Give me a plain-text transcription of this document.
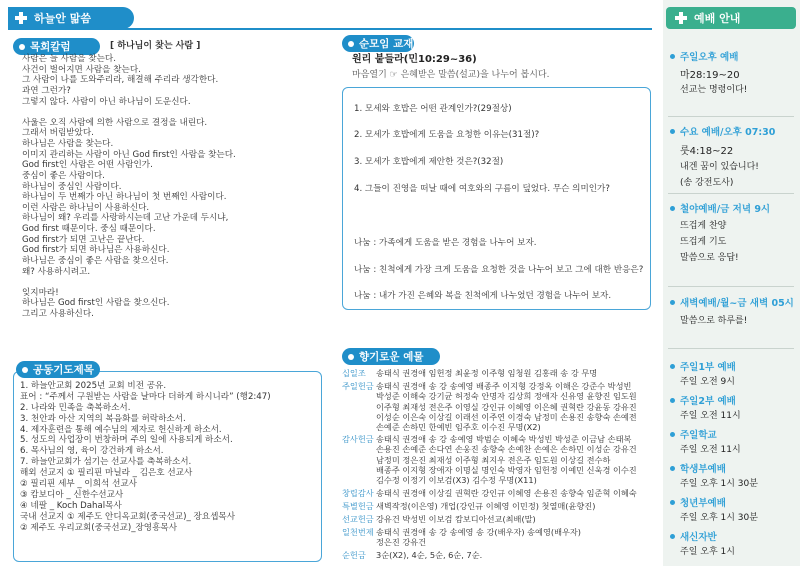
하늘안 맒씀
목회칼럼	[ 하나님이 찾는 사람 ]
사람은 늘 사람을 찾는다.
사건이 벌어지면 사람을 찾는다.
그 사람이 나를 도와주리라, 해결해 주리라 생각한다.
과연 그런가?
그렇지 않다. 사람이 아닌 하나님이 도운신다.
사울은 오직 사람에 의한 사람으로 결정을 내린다.
그래서 버림받았다.
하나님은 사람을 찾는다.
이미지 관리하는 사람이 아닌 God first인 사람을 찾는다.
God first인 사람은 어떤 사람인가.
중심이 좋은 사람이다.
하나님이 중심인 사람이다.
하나님이 두 번째가 아닌 하나님이 첫 번째인 사람이다.
이런 사람은 하나님이 사용하신다.
하나님이 왜? 우리를 사랑하시는데 고난 가운데 두시냐,
God first 때문이다. 중심 때문이다.
God first가 되면 고난은 끝난다.
God first가 되면 하나님은 사용하신다.
하나님은 중심이 좋은 사람을 찾으신다.
왜? 사용하시려고.
잊지마라!
하나님은 God first인 사람을 찾으신다.
그리고 사용하신다.
공동기도제목
1. 하늘안교회 2025년 교회 비전 공유.
표어 : “주께서 구원받는 사람을 날마다 더하게 하시니라” (행2:47)
2. 나라와 민족을 축복하소서.
3. 천안과 아산 지역의 복음화를 허락하소서.
4. 제자훈련을 통해 예수님의 제자로 헌신하게 하소서.
5. 성도의 사업장이 번창하며 주의 일에 사용되게 하소서.
6. 목사님의 영, 육이 강건하게 하소서.
7. 하늘안교회가 섬기는 선교사를 축복하소서.
해외 선교지 ① 필리핀 마닐라 _ 김은호 선교사
② 필리핀 세부 _ 이희석 선교사
③ 캄보디아 _ 신한수선교사
④ 네팔 _ Koch Dahal목사
국내 선교지 ① 제주도 안디옥교회(중국선교)_ 장요셉목사
② 제주도 우리교회(중국선교)_장영흥목사
순모임 교재
원리 붙들라(민10:29~36)
마음열기 ☞ 은혜받은 말씀(설교)을 나누어 봅시다.
1. 모세와 호밥은 어떤 관계인가?(29절상)
2. 모세가 호밥에게 도움을 요청한 이유는(31절)?
3. 모세가 호밥에게 제안한 것은?(32절)
4. 그들이 진영을 떠날 때에 여호와의 구름이 덮었다. 무슨 의미인가?
나눔 : 가족에게 도움을 받은 경험을 나누어 보자.
나눔 : 친척에게 가장 크게 도움을 요청한 것을 나누어 보고 그에 대한 반응은?
나눔 : 내가 가진 은혜와 복을 친척에게 나누었던 경험을 나누어 보자.
향기로운 예물
십일조	송태식 권경애 임헌정 최윤정 이주형 임청원 김홍래 송 강 무명
주일헌금 송태식 권경애 송 강 송예영 배종주 이지형 강정옥 이해은 강준수 박성빈
박성준 이해숙 강기균 허정숙 안명자 김상희 정애자 신유영 윤향진 임도원
이주형 최재성 전은주 이영실 강인규 이혜영 이은혜 권혁란 강윤동 강유진
이성순 이은숙 이상길 이래선 이주연 이경숙 남정미 손용진 송향숙 손예전
손예준 손하민 한예빈 임주호 이수진 무명(X2)
감사헌금 송태식 권경애 송 강 송예영 박범순 이혜숙 박성빈 박성준 이금남 손태복
손용진 손예준 손다연 손웅진 송향숙 손예찬 손예은 손하민 이성순 강유건
남정미 정은진 최재성 이주형 최지우 전은주 임도원 이상길 전수하
배종주 이지형 장애자 이명실 명인숙 박영자 임헌정 이예민 신욱경 이수진
김수정 이정기 이보검(X3) 김수정 무명(X11)
창립감사 송태식 권경애 이상길 권혁란 강인규 이혜영 손용진 송향숙 임준혁 이혜숙
특별헌금 새벽작정(이은영) 개업(강인규 이혜영 이민정) 첫열매(윤향진)
선교헌금 강유건 박성빈 이보검 캄보디아선교(최배(말)
일천번제 송태식 권경애 송 강 송예영 송 강(배우자) 송예영(배우자)
정은진 강유건
순헌금	3순(X2), 4순, 5순, 6순, 7순.
예배 안내
주일오후 예배
마28:19~20
선교는 명령이다!
수요 예배/오후 07:30
룻4:18~22
내겐 꿈이 있습니다!
(송 강전도사)
철야예배/금 저녁 9시
뜨겁게 찬양
뜨겁게 기도
말씀으로 응답!
새벽예배/월~금 새벽 05시
말씀으로 하루를!
주일1부 예배
주일 오전 9시
주일2부 예배
주일 오전 11시
주일학교
주일 오전 11시
학생부예배
주일 오후 1시 30분
청년부예배
주일 오후 1시 30분
새신자반
주일 오후 1시
